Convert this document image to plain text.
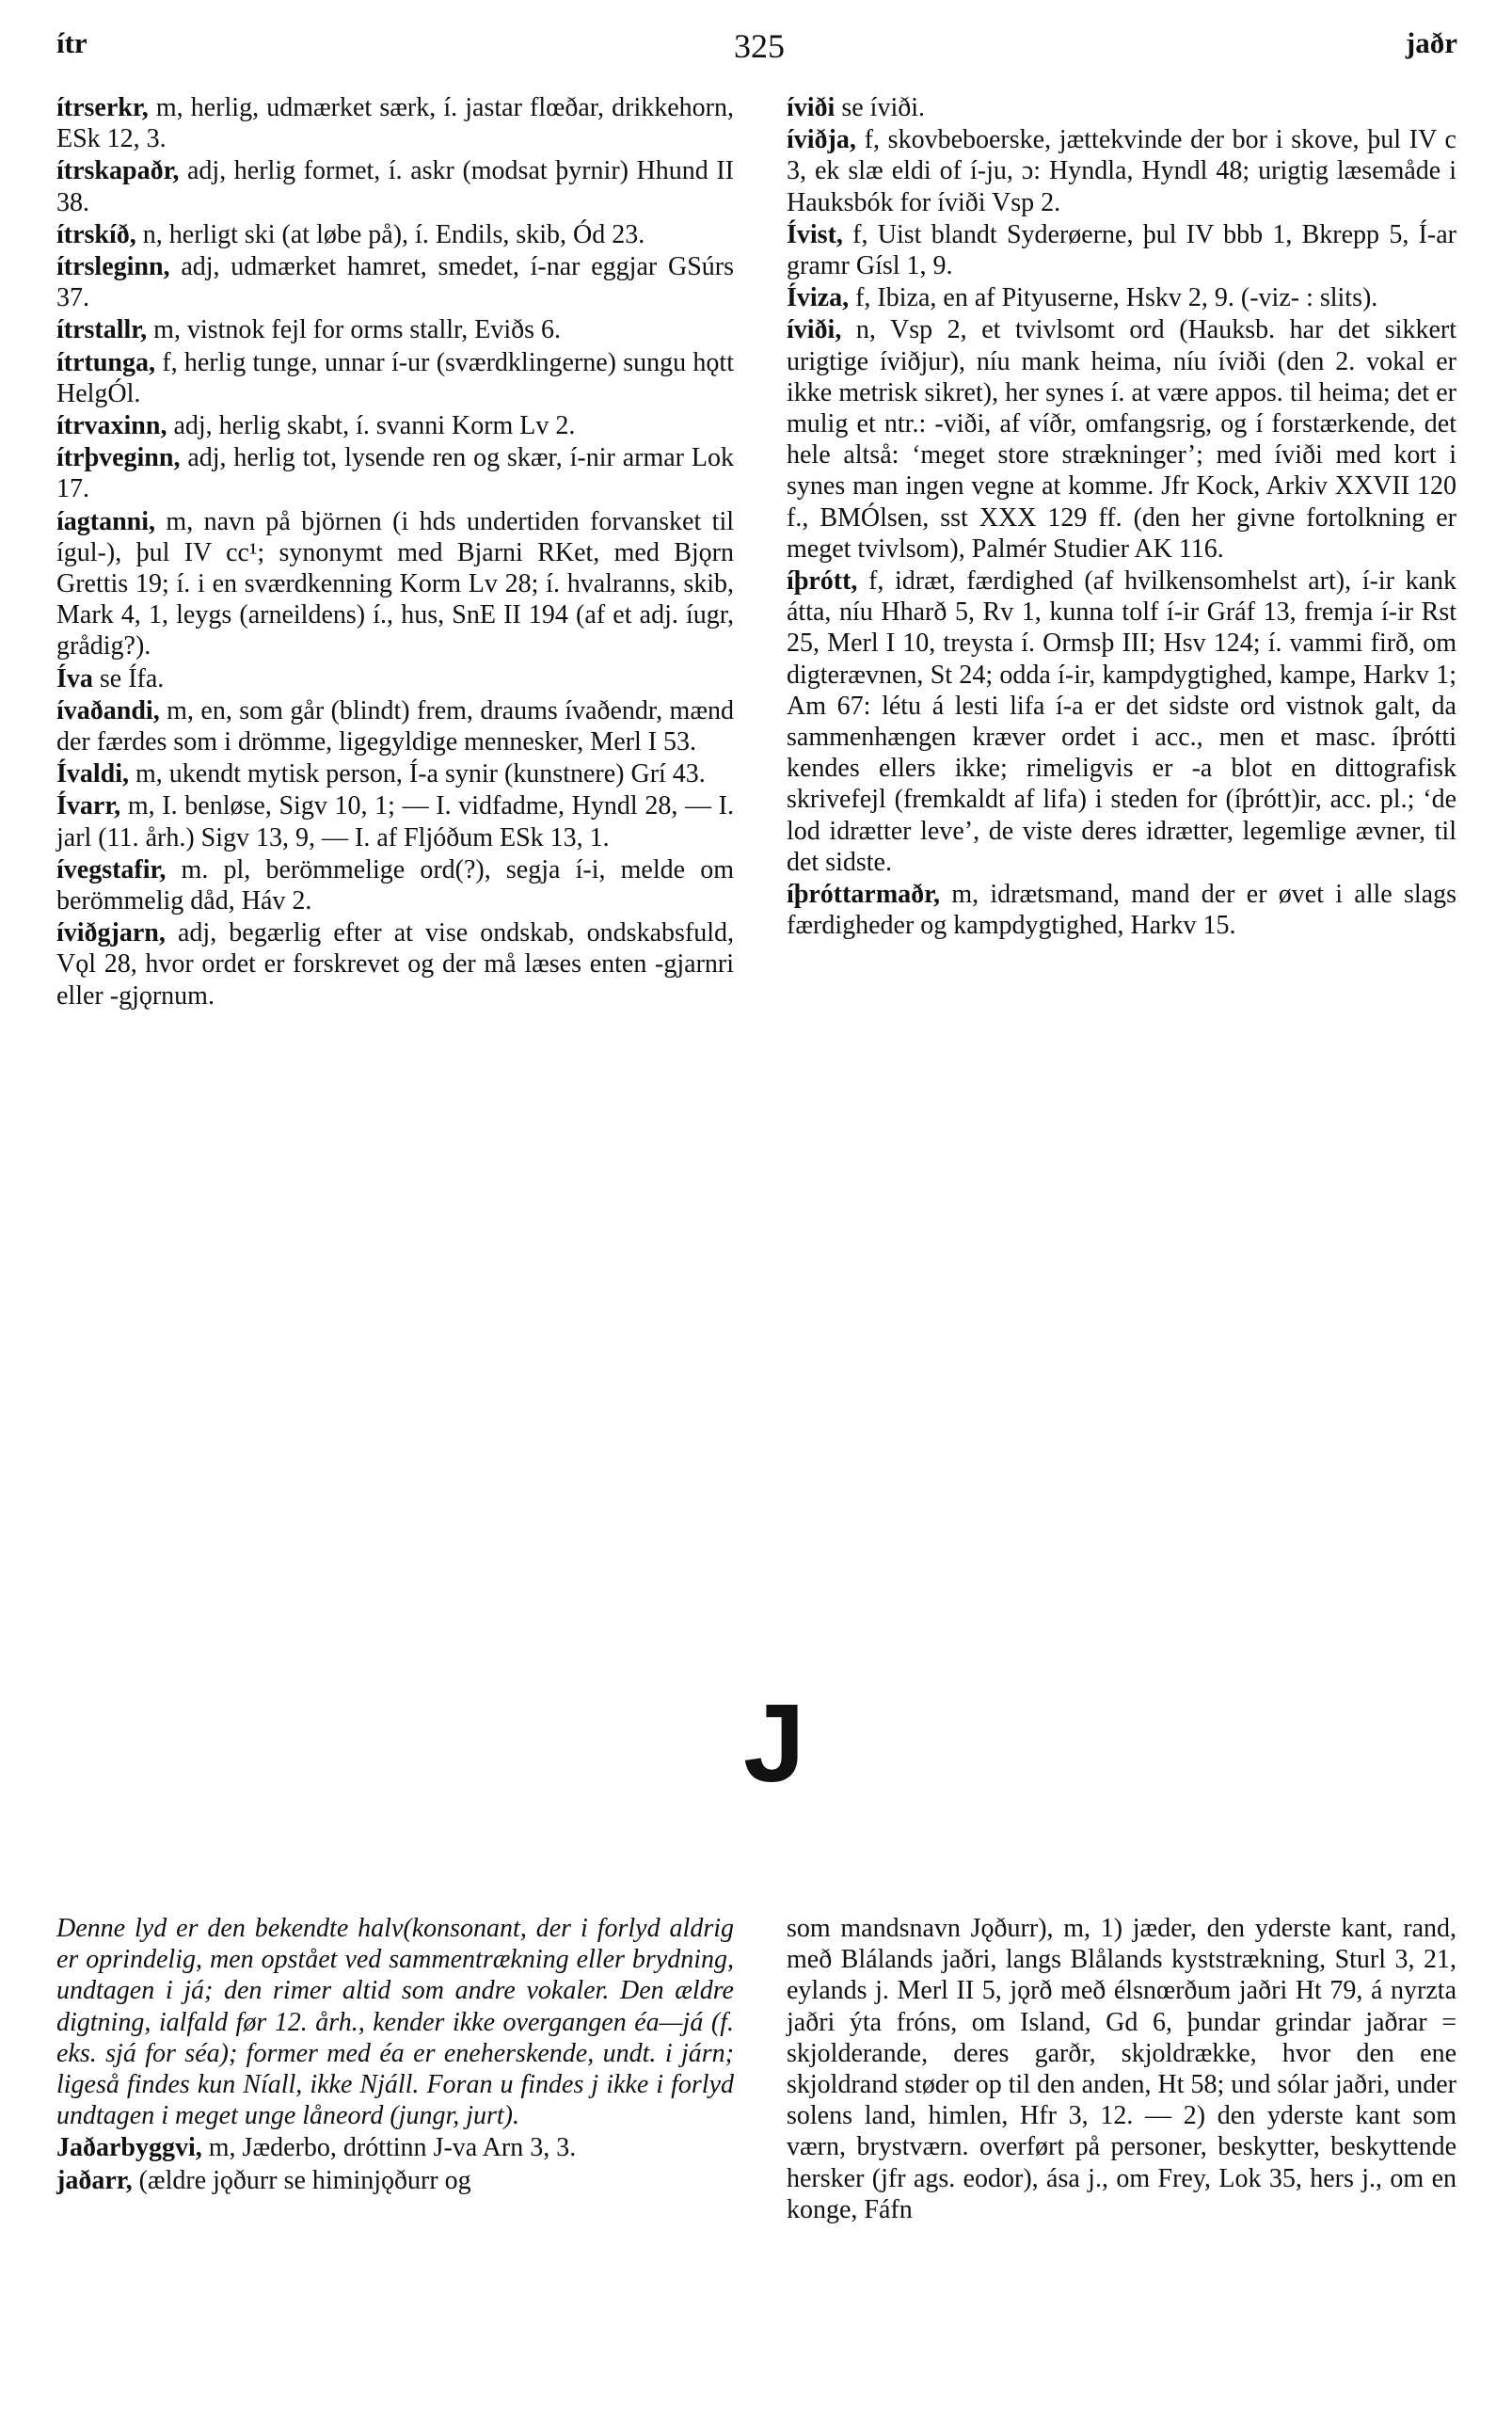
ítr	325	jaðr
ítrserkr, m, herlig, udmærket særk, í. jastar flœðar, drikkehorn, ESk 12, 3.
ítrskapaðr, adj, herlig formet, í. askr (modsat þyrnir) Hhund II 38.
ítrskíð, n, herligt ski (at løbe på), í. Endils, skib, Ód 23.
ítrsleginn, adj, udmærket hamret, smedet, í-nar eggjar GSúrs 37.
ítrstallr, m, vistnok fejl for orms stallr, Eviðs 6.
ítrtunga, f, herlig tunge, unnar í-ur (sværdklingerne) sungu hǫtt HelgÓl.
ítrvaxinn, adj, herlig skabt, í. svanni Korm Lv 2.
ítrþveginn, adj, herlig tot, lysende ren og skær, í-nir armar Lok 17.
íagtanni, m, navn på björnen (i hds undertiden forvansket til ígul-), þul IV cc¹; synonymt med Bjarni RKet, med Bjǫrn Grettis 19; í. i en sværdkenning Korm Lv 28; í. hvalranns, skib, Mark 4, 1, leygs (arneildens) í., hus, SnE II 194 (af et adj. íugr, grådig?).
Íva se Ífa.
ívaðandi, m, en, som går (blindt) frem, draums ívaðendr, mænd der færdes som i drömme, ligegyldige mennesker, Merl I 53.
Ívaldi, m, ukendt mytisk person, Í-a synir (kunstnere) Grí 43.
Ívarr, m, I. benløse, Sigv 10, 1; — I. vidfadme, Hyndl 28, — I. jarl (11. årh.) Sigv 13, 9, — I. af Fljóðum ESk 13, 1.
ívegstafir, m. pl, berömmelige ord(?), segja í-i, melde om berömmelig dåd, Háv 2.
íviðgjarn, adj, begærlig efter at vise ondskab, ondskabsfuld, Vǫl 28, hvor ordet er forskrevet og der må læses enten -gjarnri eller -gjǫrnum.
íviði se íviði.
íviðja, f, skovbeboerske, jættekvinde der bor i skove, þul IV c 3, ek slæ eldi of í-ju, ɔ: Hyndla, Hyndl 48; urigtig læsemåde i Hauksbók for íviði Vsp 2.
Ívist, f, Uist blandt Syderøerne, þul IV bbb 1, Bkrepp 5, Í-ar gramr Gísl 1, 9.
Íviza, f, Ibiza, en af Pityuserne, Hskv 2, 9. (-viz- : slits).
íviði, n, Vsp 2, et tvivlsomt ord (Hauksb. har det sikkert urigtige íviðjur), níu mank heima, níu íviði (den 2. vokal er ikke metrisk sikret), her synes í. at være appos. til heima; det er mulig et ntr.: -viði, af víðr, omfangsrig, og í forstærkende, det hele altså: ‘meget store strækninger’; med íviði med kort i synes man ingen vegne at komme. Jfr Kock, Arkiv XXVII 120 f., BMÓlsen, sst XXX 129 ff. (den her givne fortolkning er meget tvivlsom), Palmér Studier AK 116.
íþrótt, f, idræt, færdighed (af hvilkensomhelst art), í-ir kank átta, níu Hharð 5, Rv 1, kunna tolf í-ir Gráf 13, fremja í-ir Rst 25, Merl I 10, treysta í. Ormsþ III; Hsv 124; í. vammi firð, om digterævnen, St 24; odda í-ir, kampdygtighed, kampe, Harkv 1; Am 67: létu á lesti lifa í-a er det sidste ord vistnok galt, da sammenhængen kræver ordet i acc., men et masc. íþrótti kendes ellers ikke; rimeligvis er -a blot en dittografisk skrivefejl (fremkaldt af lifa) i steden for (íþrótt)ir, acc. pl.; ‘de lod idrætter leve’, de viste deres idrætter, legemlige ævner, til det sidste.
íþróttarmaðr, m, idrætsmand, mand der er øvet i alle slags færdigheder og kampdygtighed, Harkv 15.
J
Denne lyd er den bekendte halv(konsonant, der i forlyd aldrig er oprindelig, men opstået ved sammentrækning eller brydning, undtagen i já; den rimer altid som andre vokaler. Den ældre digtning, ialfald før 12. årh., kender ikke overgangen éa—já (f. eks. sjá for séa); former med éa er eneherskende, undt. i járn; ligeså findes kun Níall, ikke Njáll. Foran u findes j ikke i forlyd undtagen i meget unge låneord (jungr, jurt).
Jaðarbyggvi, m, Jæderbo, dróttinn J-va Arn 3, 3.
jaðarr, (ældre jǫðurr se himinjǫðurr og
som mandsnavn Jǫðurr), m, 1) jæder, den yderste kant, rand, með Blálands jaðri, langs Blålands kyststrækning, Sturl 3, 21, eylands j. Merl II 5, jǫrð með élsnœrðum jaðri Ht 79, á nyrzta jaðri ýta fróns, om Island, Gd 6, þundar grindar jaðrar = skjolderande, deres garðr, skjoldrække, hvor den ene skjoldrand støder op til den anden, Ht 58; und sólar jaðri, under solens land, himlen, Hfr 3, 12. — 2) den yderste kant som værn, brystværn. overført på personer, beskytter, beskyttende hersker (jfr ags. eodor), ása j., om Frey, Lok 35, hers j., om en konge, Fáfn
